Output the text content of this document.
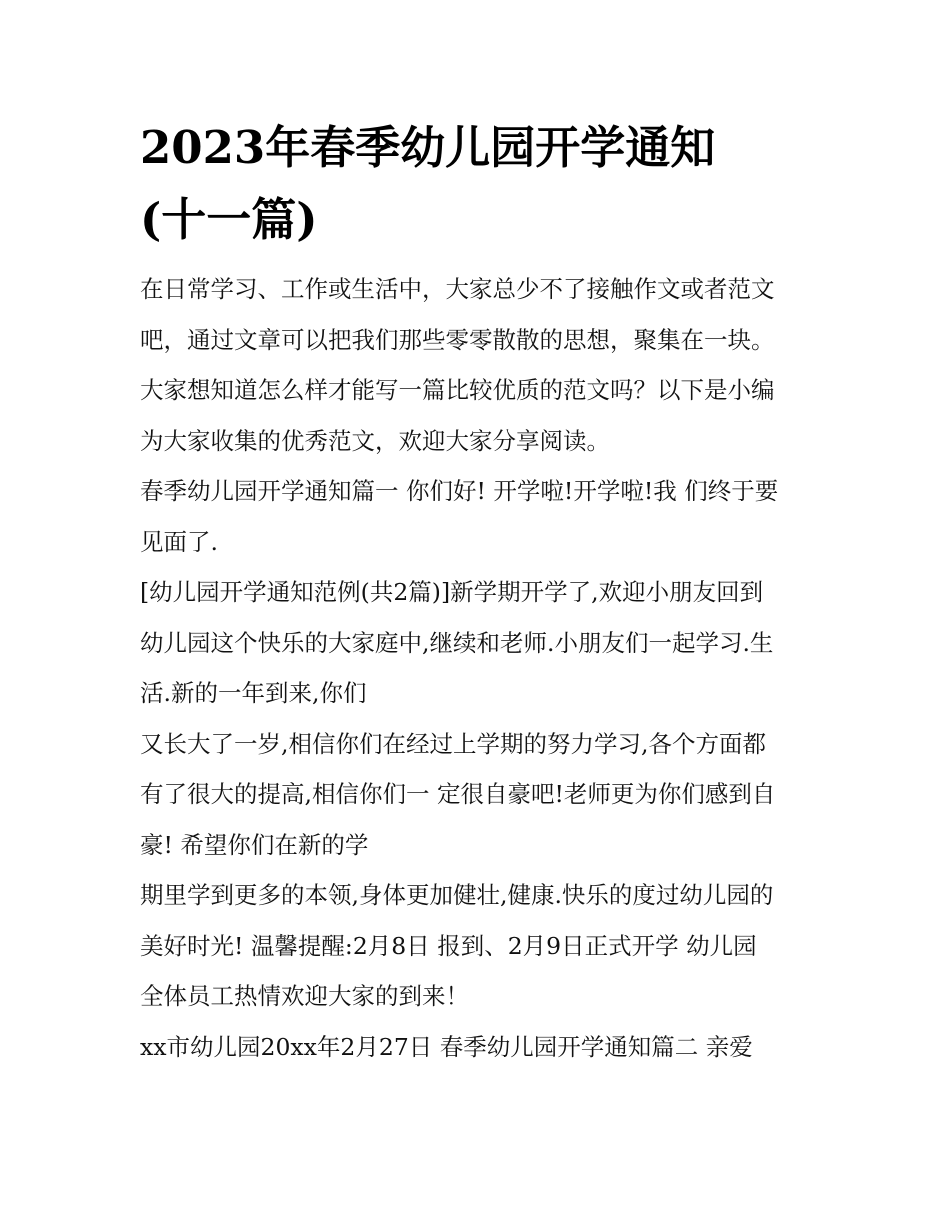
2023年春季幼儿园开学通知
(十一篇)

在日常学习、工作或生活中，大家总少不了接触作文或者范文
吧，通过文章可以把我们那些零零散散的思想，聚集在一块。
大家想知道怎么样才能写一篇比较优质的范文吗？以下是小编
为大家收集的优秀范文，欢迎大家分享阅读。

春季幼儿园开学通知篇一 你们好! 开学啦!开学啦!我 们终于要
见面了.

[幼儿园开学通知范例(共2篇)]新学期开学了,欢迎小朋友回到
幼儿园这个快乐的大家庭中,继续和老师.小朋友们一起学习.生
活.新的一年到来,你们

又长大了一岁,相信你们在经过上学期的努力学习,各个方面都
有了很大的提高,相信你们一 定很自豪吧!老师更为你们感到自
豪! 希望你们在新的学

期里学到更多的本领,身体更加健壮,健康.快乐的度过幼儿园的
美好时光! 温馨提醒:2月8日 报到、2月9日正式开学 幼儿园
全体员工热情欢迎大家的到来！

xx市幼儿园20xx年2月27日 春季幼儿园开学通知篇二 亲爱
